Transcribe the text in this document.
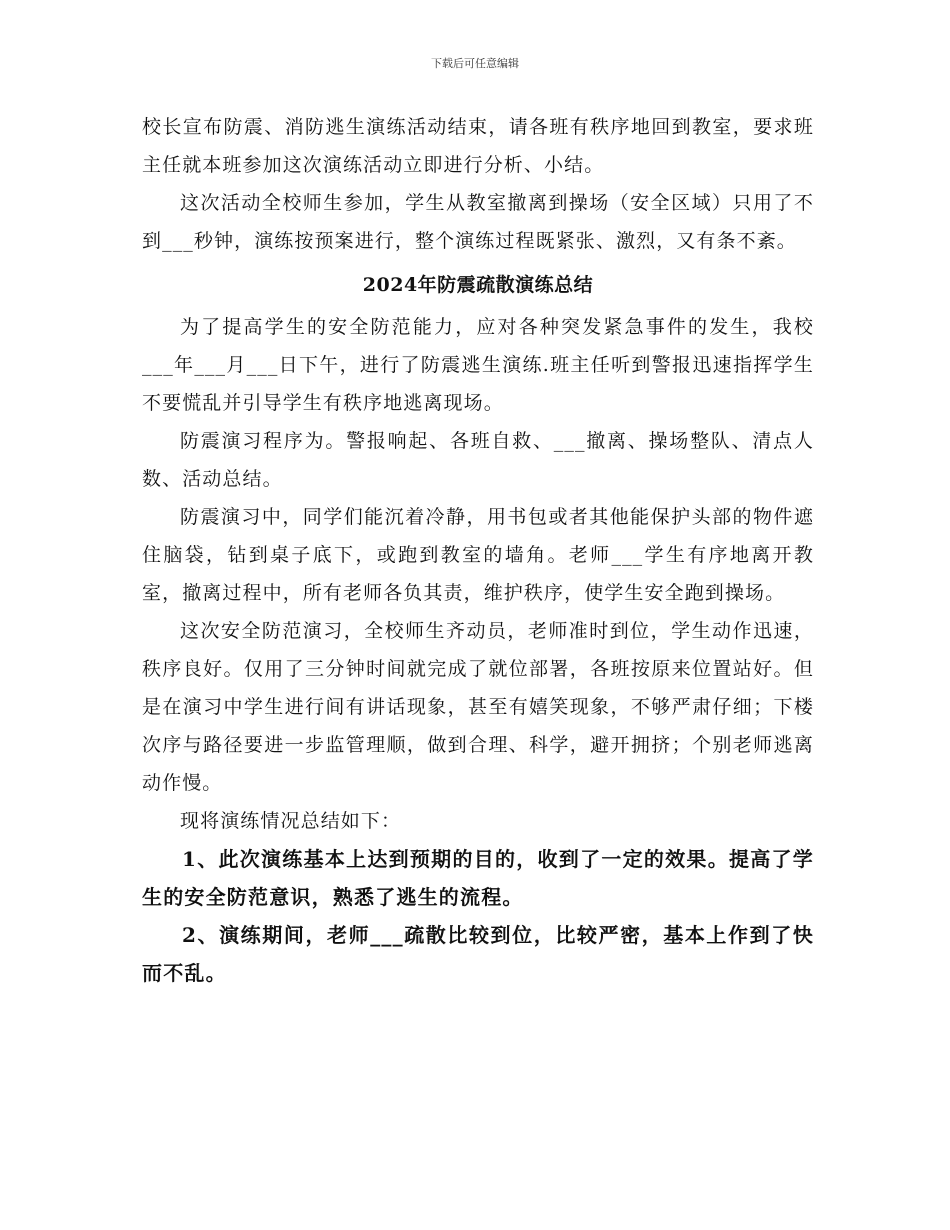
下载后可任意编辑

校长宣布防震、消防逃生演练活动结束，请各班有秩序地回到教室，要求班主任就本班参加这次演练活动立即进行分析、小结。

这次活动全校师生参加，学生从教室撤离到操场（安全区域）只用了不到___秒钟，演练按预案进行，整个演练过程既紧张、激烈，又有条不紊。

2024年防震疏散演练总结

为了提高学生的安全防范能力，应对各种突发紧急事件的发生，我校___年___月___日下午，进行了防震逃生演练.班主任听到警报迅速指挥学生不要慌乱并引导学生有秩序地逃离现场。

防震演习程序为。警报响起、各班自救、___撤离、操场整队、清点人数、活动总结。

防震演习中，同学们能沉着冷静，用书包或者其他能保护头部的物件遮住脑袋，钻到桌子底下，或跑到教室的墙角。老师___学生有序地离开教室，撤离过程中，所有老师各负其责，维护秩序，使学生安全跑到操场。

这次安全防范演习，全校师生齐动员，老师准时到位，学生动作迅速，秩序良好。仅用了三分钟时间就完成了就位部署，各班按原来位置站好。但是在演习中学生进行间有讲话现象，甚至有嬉笑现象，不够严肃仔细；下楼次序与路径要进一步监管理顺，做到合理、科学，避开拥挤；个别老师逃离动作慢。

现将演练情况总结如下：

1、此次演练基本上达到预期的目的，收到了一定的效果。提高了学生的安全防范意识，熟悉了逃生的流程。

2、演练期间，老师___疏散比较到位，比较严密，基本上作到了快而不乱。
